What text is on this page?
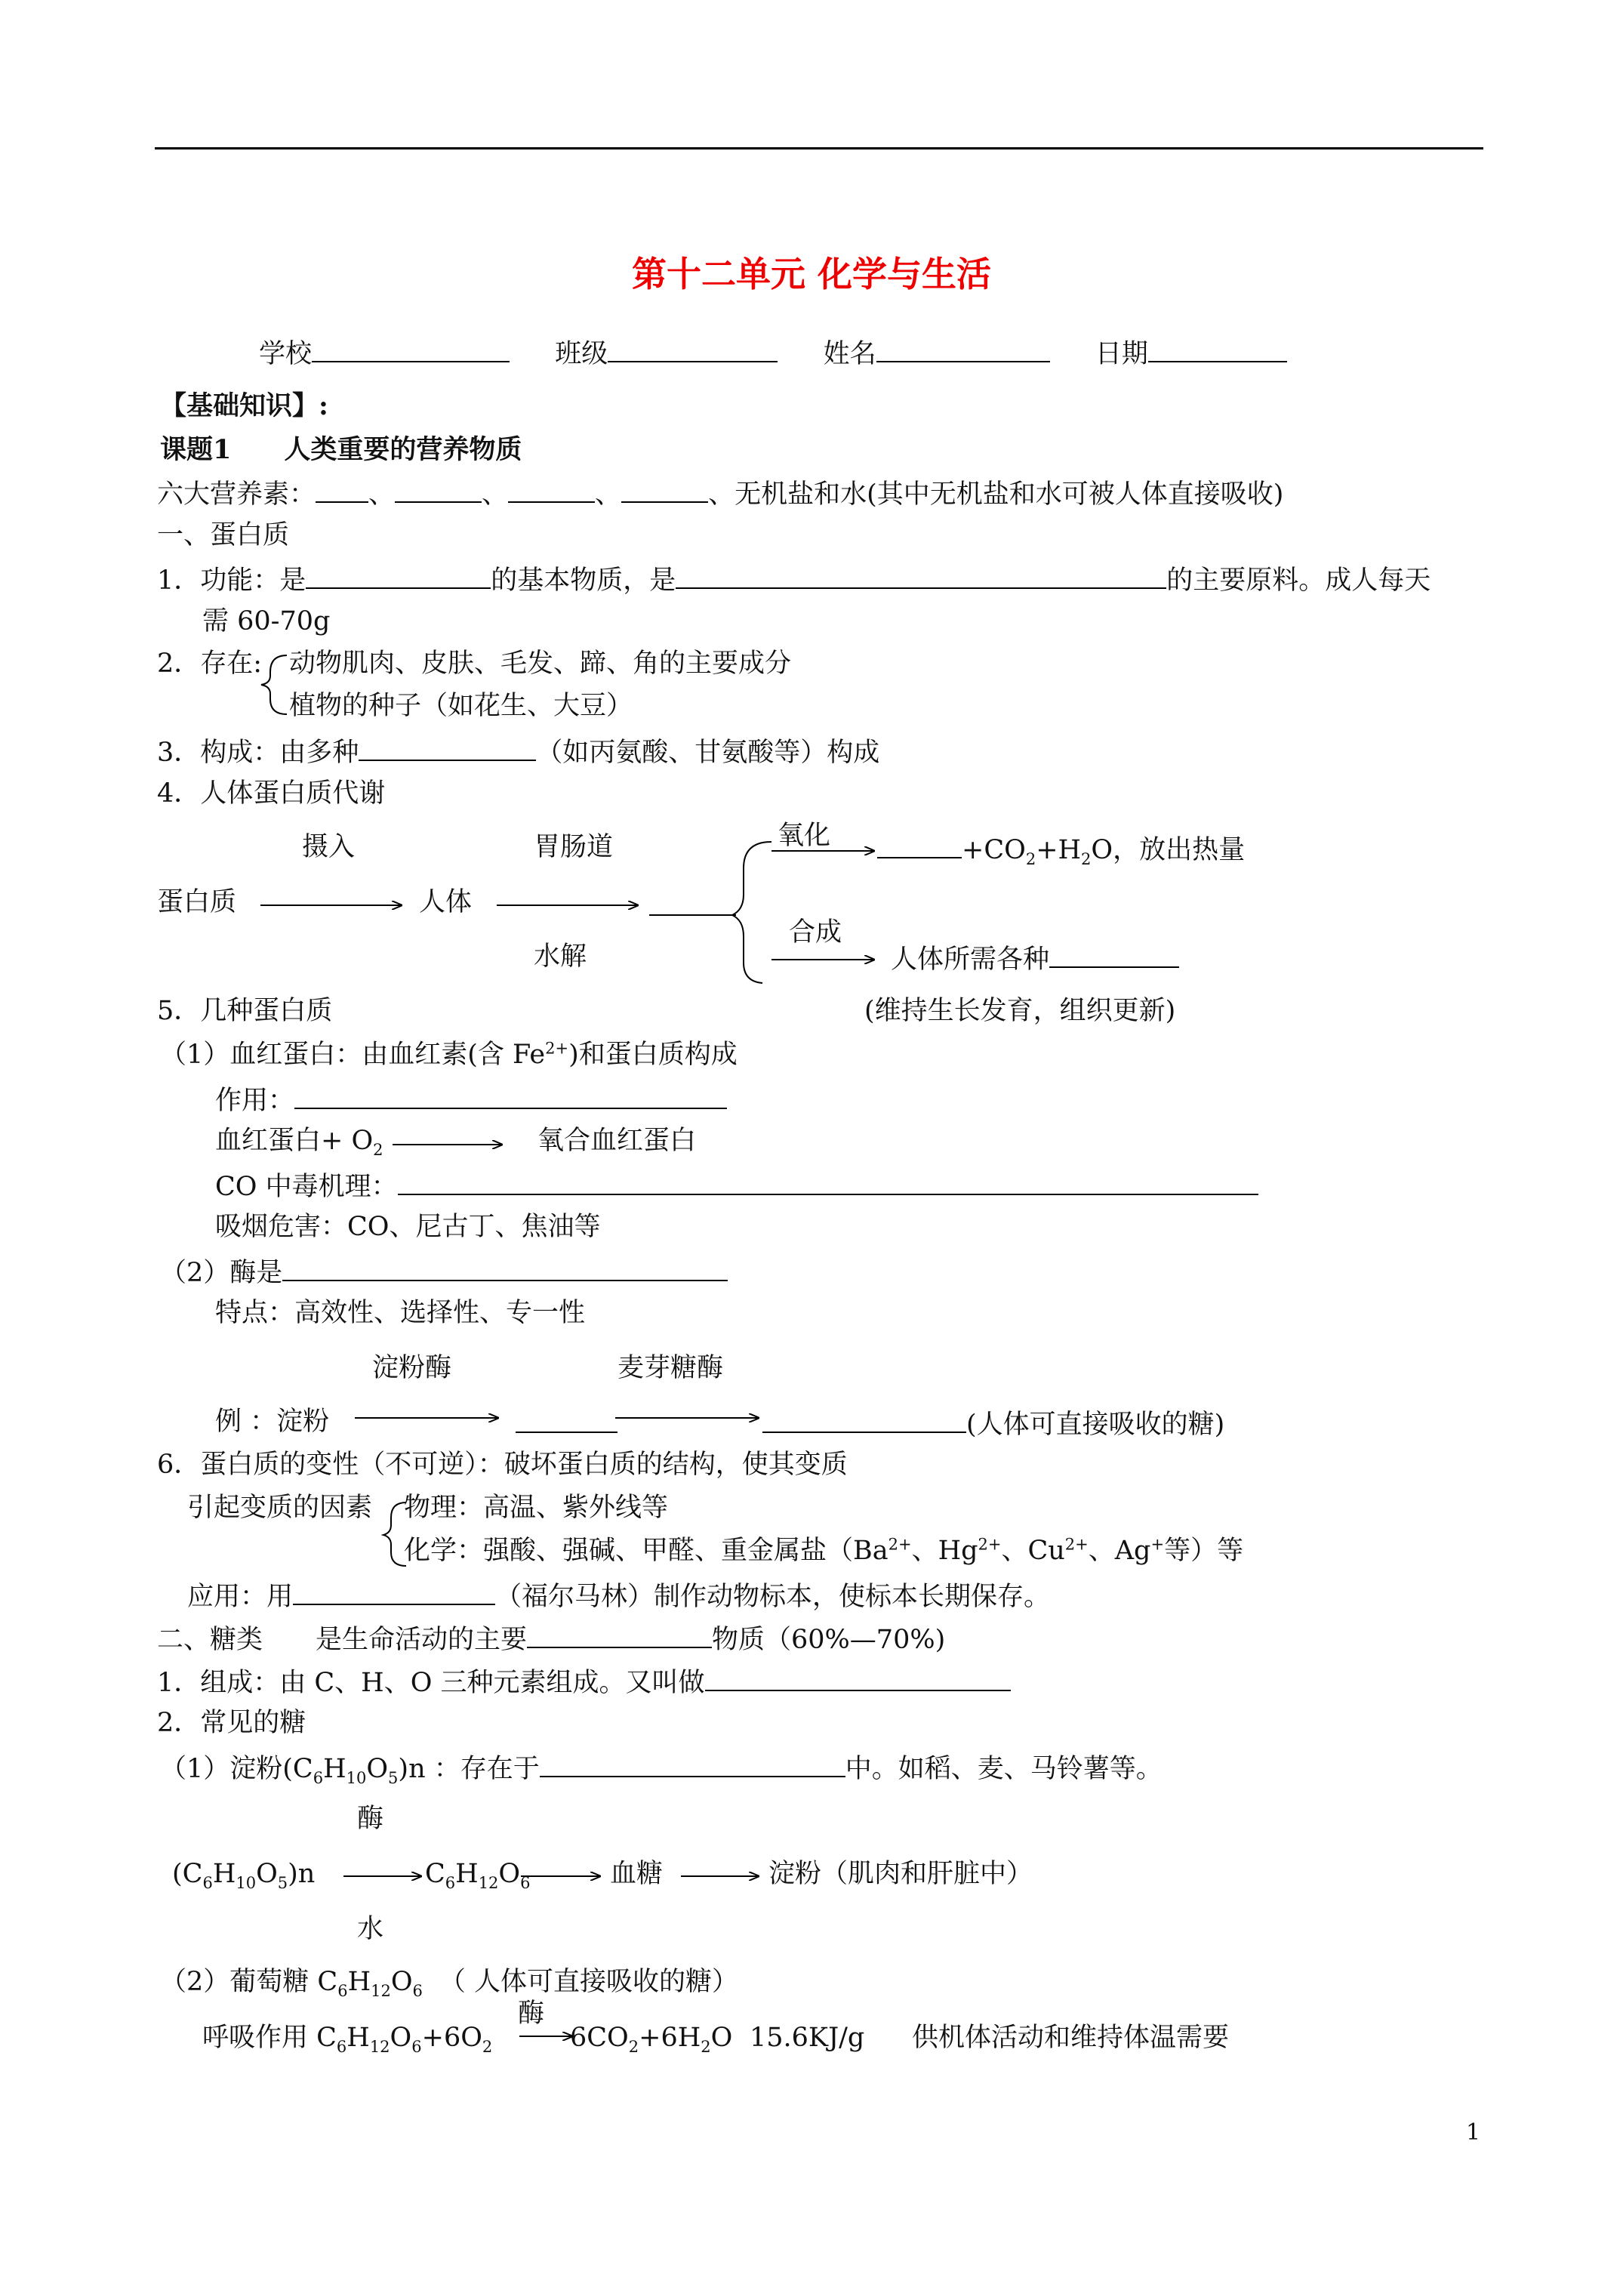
第十二单元 化学与生活
学校	班级	姓名	日期
【基础知识】:
课题1　　人类重要的营养物质
六大营养素： 、	、	、	、无机盐和水(其中无机盐和水可被人体直接吸收)
一、蛋白质
1．功能：是	的基本物质，是	的主要原料。成人每天
需 60-70g
2．存在: 动物肌肉、皮肤、毛发、蹄、角的主要成分
植物的种子（如花生、大豆）
3．构成：由多种	（如丙氨酸、甘氨酸等）构成
4．人体蛋白质代谢
摄入	胃肠道
蛋白质	人体
水解
氧化
合成
$+CO_2+H_2O$，放出热量
人体所需各种
5．几种蛋白质	(维持生长发育，组织更新)
（1）血红蛋白：由血红素(含 $Fe^{2+}$)和蛋白质构成
作用：
血红蛋白+ $O_2$	氧合血红蛋白
CO 中毒机理：
吸烟危害：CO、尼古丁、焦油等
（2）酶是
特点：高效性、选择性、专一性
淀粉酶	麦芽糖酶
例 ：淀粉	(人体可直接吸收的糖)
6．蛋白质的变性（不可逆）：破坏蛋白质的结构，使其变质
引起变质的因素 物理：高温、紫外线等
化学：强酸、强碱、甲醛、重金属盐（$Ba^{2+}$、$Hg^{2+}$、$Cu^{2+}$、Ag+等）等
应用：用	（福尔马林）制作动物标本，使标本长期保存。
二、糖类　　是生命活动的主要	物质（60%—70%)
1．组成：由 C、H、O 三种元素组成。又叫做
2．常见的糖
（1）淀粉$(C_6H_{10}O_5)n$ ：存在于	中。如稻、麦、马铃薯等。
酶
$(C_6H_{10}O_5)n$	$C_6H_{12}O_6$	血糖	淀粉（肌肉和肝脏中）
水
（2）葡萄糖 $C_6H_{12}O_6$ （ 人体可直接吸收的糖）
酶
呼吸作用 $C_6H_{12}O_6+6O_2$	$6CO_2+6H_2O$ 15.6KJ/g 供机体活动和维持体温需要
1
